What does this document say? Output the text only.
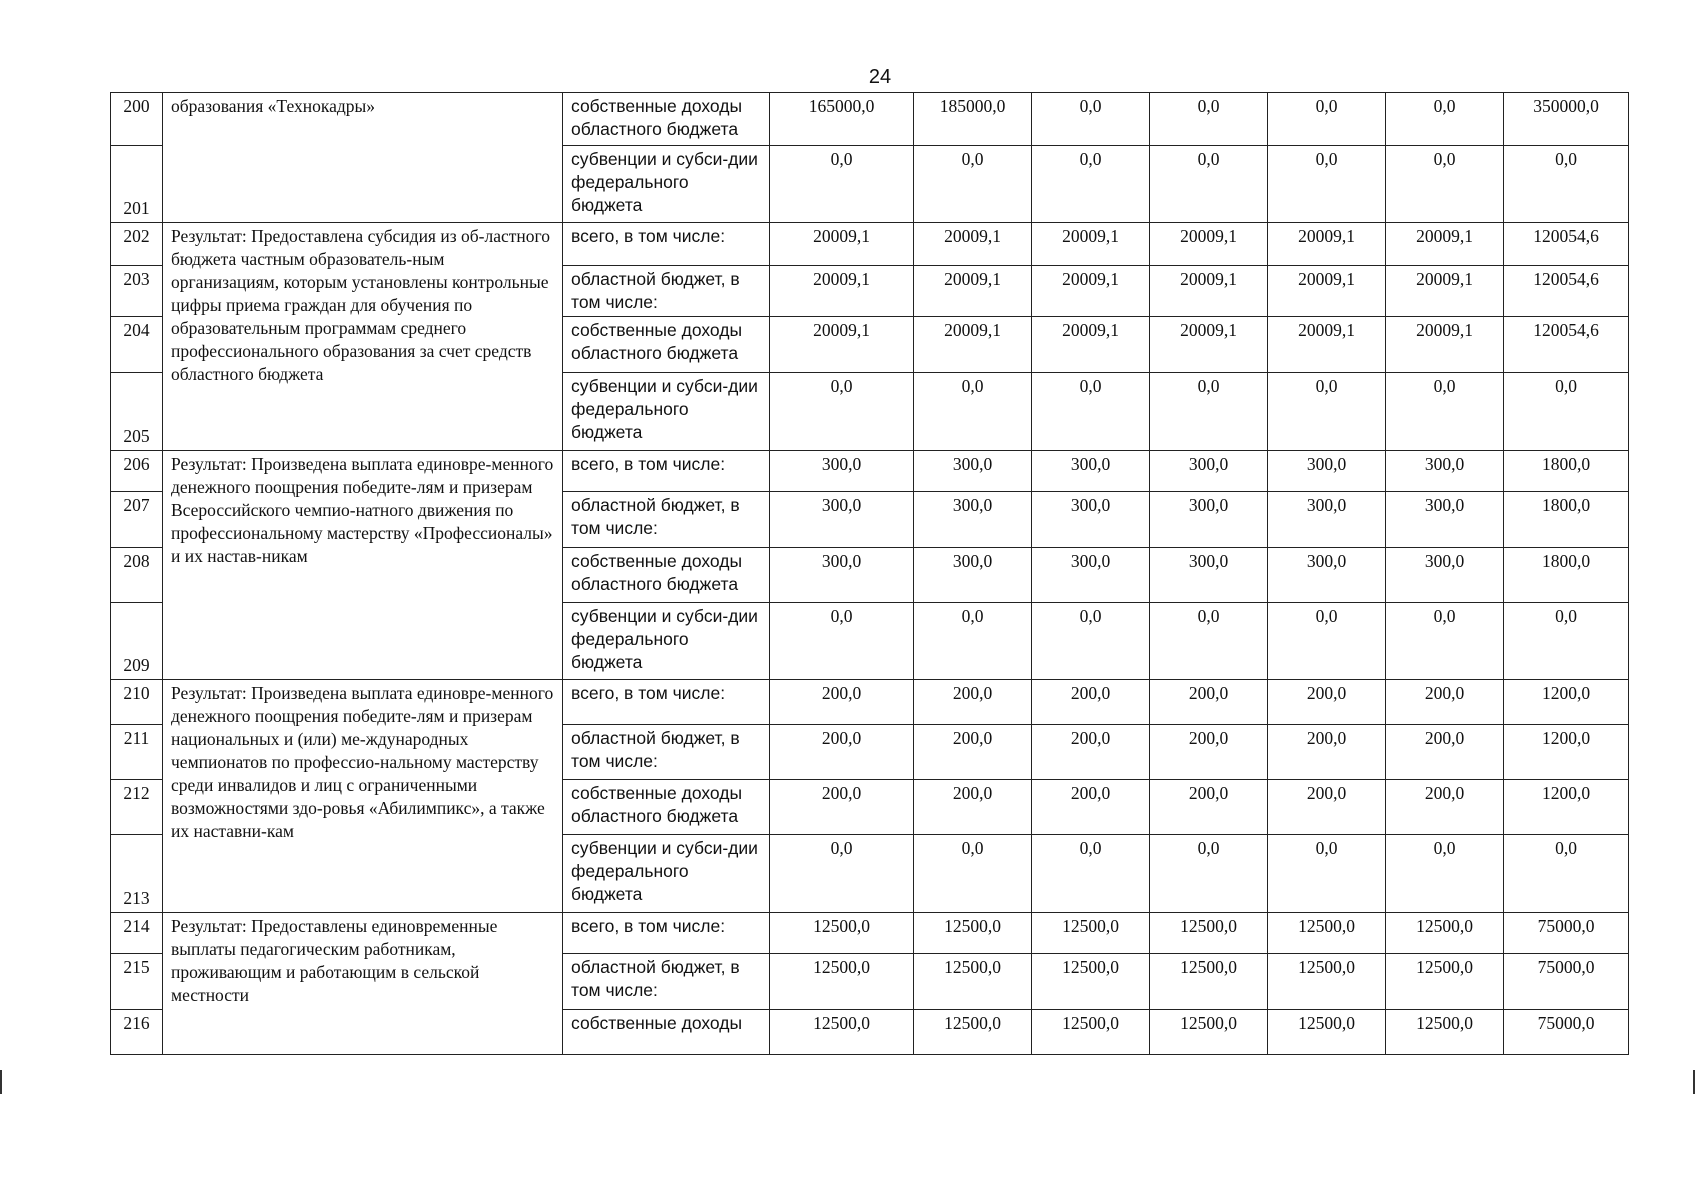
24
200	образования «Технокадры»	собственные доходы областного бюджета	165000,0	185000,0	0,0	0,0	0,0	0,0	350000,0
201		субвенции и субси-дии федерального бюджета	0,0	0,0	0,0	0,0	0,0	0,0	0,0
202	Результат: Предоставлена субсидия из об-ластного бюджета частным образователь-ным организациям, которым установлены контрольные цифры приема граждан для обучения по образовательным программам среднего профессионального образования за счет средств областного бюджета	всего, в том числе:	20009,1	20009,1	20009,1	20009,1	20009,1	20009,1	120054,6
203		областной бюджет, в том числе:	20009,1	20009,1	20009,1	20009,1	20009,1	20009,1	120054,6
204		собственные доходы областного бюджета	20009,1	20009,1	20009,1	20009,1	20009,1	20009,1	120054,6
205		субвенции и субси-дии федерального бюджета	0,0	0,0	0,0	0,0	0,0	0,0	0,0
206	Результат: Произведена выплата единовре-менного денежного поощрения победите-лям и призерам Всероссийского чемпио-натного движения по профессиональному мастерству «Профессионалы» и их настав-никам	всего, в том числе:	300,0	300,0	300,0	300,0	300,0	300,0	1800,0
207		областной бюджет, в том числе:	300,0	300,0	300,0	300,0	300,0	300,0	1800,0
208		собственные доходы областного бюджета	300,0	300,0	300,0	300,0	300,0	300,0	1800,0
209		субвенции и субси-дии федерального бюджета	0,0	0,0	0,0	0,0	0,0	0,0	0,0
210	Результат: Произведена выплата единовре-менного денежного поощрения победите-лям и призерам национальных и (или) ме-ждународных чемпионатов по профессио-нальному мастерству среди инвалидов и лиц с ограниченными возможностями здо-ровья «Абилимпикс», а также их наставни-кам	всего, в том числе:	200,0	200,0	200,0	200,0	200,0	200,0	1200,0
211		областной бюджет, в том числе:	200,0	200,0	200,0	200,0	200,0	200,0	1200,0
212		собственные доходы областного бюджета	200,0	200,0	200,0	200,0	200,0	200,0	1200,0
213		субвенции и субси-дии федерального бюджета	0,0	0,0	0,0	0,0	0,0	0,0	0,0
214	Результат: Предоставлены единовременные выплаты педагогическим работникам, проживающим и работающим в сельской местности	всего, в том числе:	12500,0	12500,0	12500,0	12500,0	12500,0	12500,0	75000,0
215		областной бюджет, в том числе:	12500,0	12500,0	12500,0	12500,0	12500,0	12500,0	75000,0
216		собственные доходы	12500,0	12500,0	12500,0	12500,0	12500,0	12500,0	75000,0
